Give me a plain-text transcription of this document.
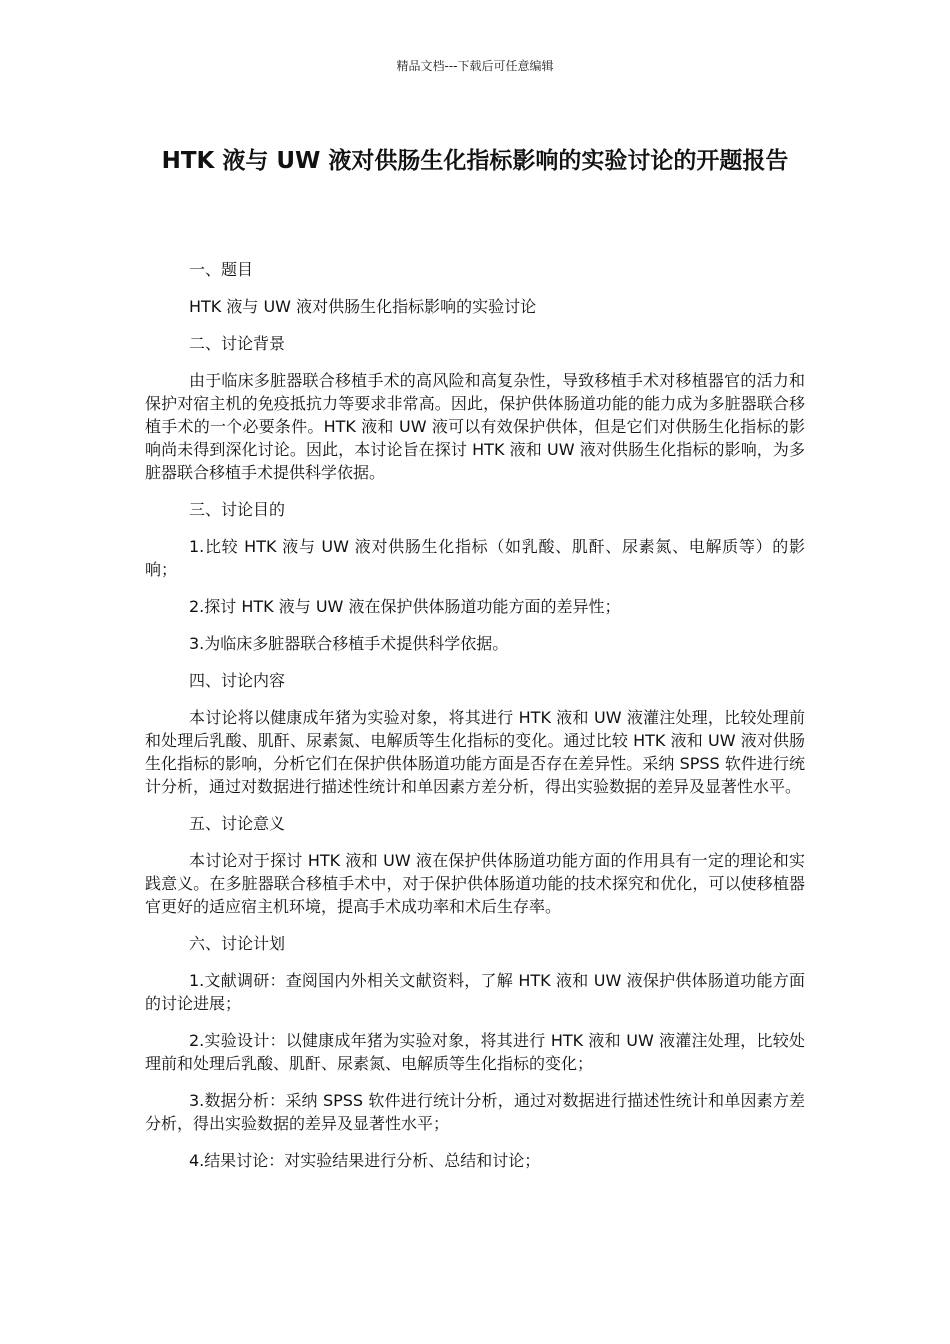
精品文档---下载后可任意编辑
HTK 液与 UW 液对供肠生化指标影响的实验讨论的开题报告

一、题目

HTK 液与 UW 液对供肠生化指标影响的实验讨论

二、讨论背景

由于临床多脏器联合移植手术的高风险和高复杂性，导致移植手术对移植器官的活力和保护对宿主机的免疫抵抗力等要求非常高。因此，保护供体肠道功能的能力成为多脏器联合移植手术的一个必要条件。HTK 液和 UW 液可以有效保护供体，但是它们对供肠生化指标的影响尚未得到深化讨论。因此，本讨论旨在探讨 HTK 液和 UW 液对供肠生化指标的影响，为多脏器联合移植手术提供科学依据。

三、讨论目的

1.比较 HTK 液与 UW 液对供肠生化指标（如乳酸、肌酐、尿素氮、电解质等）的影响；

2.探讨 HTK 液与 UW 液在保护供体肠道功能方面的差异性；

3.为临床多脏器联合移植手术提供科学依据。

四、讨论内容

本讨论将以健康成年猪为实验对象，将其进行 HTK 液和 UW 液灌注处理，比较处理前和处理后乳酸、肌酐、尿素氮、电解质等生化指标的变化。通过比较 HTK 液和 UW 液对供肠生化指标的影响，分析它们在保护供体肠道功能方面是否存在差异性。采纳 SPSS 软件进行统计分析，通过对数据进行描述性统计和单因素方差分析，得出实验数据的差异及显著性水平。

五、讨论意义

本讨论对于探讨 HTK 液和 UW 液在保护供体肠道功能方面的作用具有一定的理论和实践意义。在多脏器联合移植手术中，对于保护供体肠道功能的技术探究和优化，可以使移植器官更好的适应宿主机环境，提高手术成功率和术后生存率。

六、讨论计划

1.文献调研：查阅国内外相关文献资料，了解 HTK 液和 UW 液保护供体肠道功能方面的讨论进展；

2.实验设计：以健康成年猪为实验对象，将其进行 HTK 液和 UW 液灌注处理，比较处理前和处理后乳酸、肌酐、尿素氮、电解质等生化指标的变化；

3.数据分析：采纳 SPSS 软件进行统计分析，通过对数据进行描述性统计和单因素方差分析，得出实验数据的差异及显著性水平；

4.结果讨论：对实验结果进行分析、总结和讨论；
